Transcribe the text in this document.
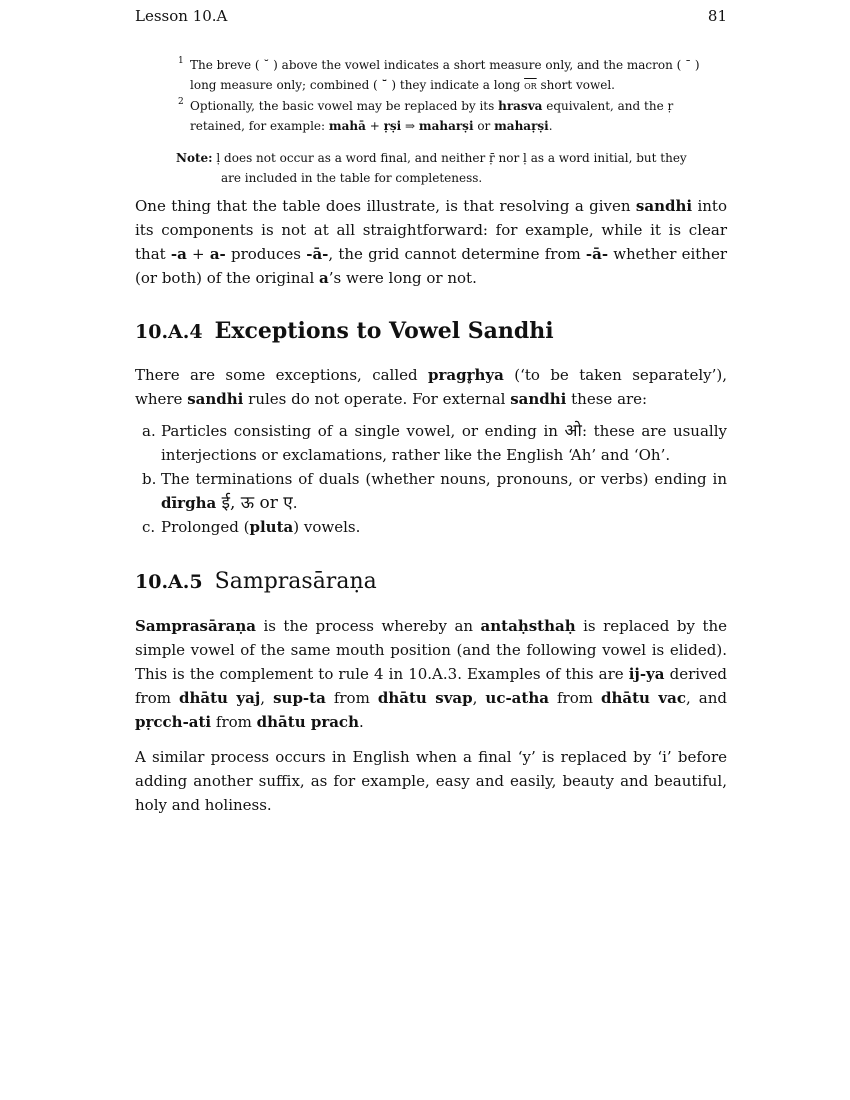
Lesson 10.A	81
1 The breve ( ˘ ) above the vowel indicates a short measure only, and the macron ( ¯ )
long measure only; combined ( ˘̄ ) they indicate a long $\overline{or}$ short vowel.
2 Optionally, the basic vowel may be replaced by its hrasva equivalent, and the ṛ
retained, for example: mahā + ṛṣi ⇒ maharṣi or mahaṛṣi.
Note: ḷ does not occur as a word final, and neither ṝ nor ḷ as a word initial, but they
are included in the table for completeness.

One thing that the table does illustrate, is that resolving a given sandhi into its components is not at all straightforward: for example, while it is clear that -a + a- produces -ā-, the grid cannot determine from -ā- whether either (or both) of the original a’s were long or not.

10.A.4 Exceptions to Vowel Sandhi

There are some exceptions, called pragr̥hya (‘to be taken separately’), where sandhi rules do not operate. For external sandhi these are:

a. Particles consisting of a single vowel, or ending in ओ: these are usually interjections or exclamations, rather like the English ‘Ah’ and ‘Oh’.
b. The terminations of duals (whether nouns, pronouns, or verbs) ending in dīrgha ई, ऊ or ए.
c. Prolonged (pluta) vowels.
10.A.5 Samprasāraṇa

Samprasāraṇa is the process whereby an antaḥsthaḥ is replaced by the simple vowel of the same mouth position (and the following vowel is elided). This is the complement to rule 4 in 10.A.3. Examples of this are ij-ya derived from dhātu yaj, sup-ta from dhātu svap, uc-atha from dhātu vac, and pṛcch-ati from dhātu prach.

A similar process occurs in English when a final ‘y’ is replaced by ‘i’ before adding another suffix, as for example, easy and easily, beauty and beautiful, holy and holiness.
